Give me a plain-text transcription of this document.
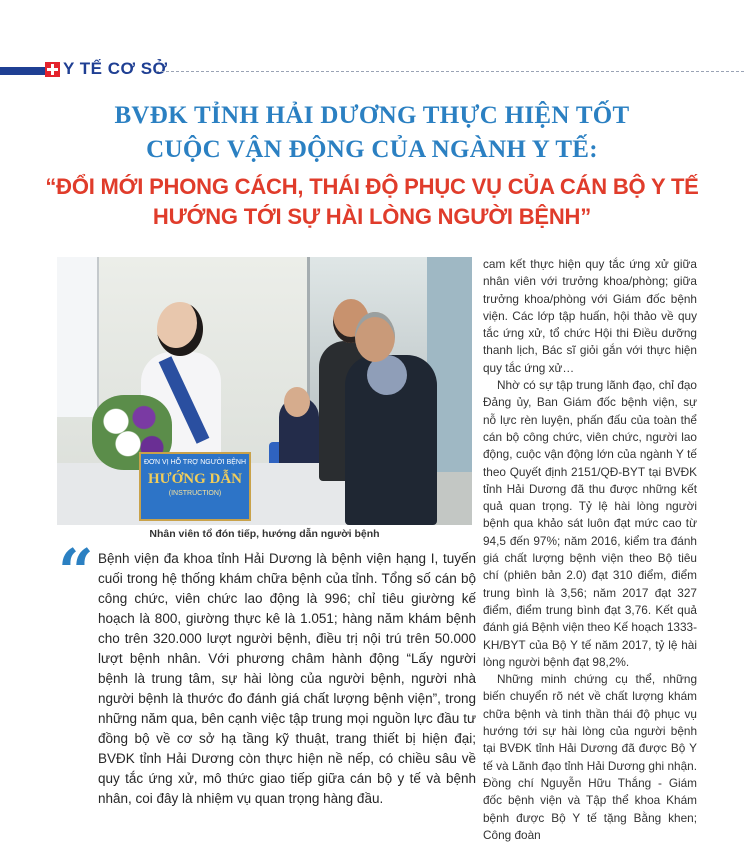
Y TẾ CƠ SỞ
BVĐK TỈNH HẢI DƯƠNG THỰC HIỆN TỐT
CUỘC VẬN ĐỘNG CỦA NGÀNH Y TẾ:
“ĐỔI MỚI PHONG CÁCH, THÁI ĐỘ PHỤC VỤ CỦA CÁN BỘ Y TẾ
HƯỚNG TỚI SỰ HÀI LÒNG NGƯỜI BỆNH”
ĐƠN VỊ HỖ TRỢ NGƯỜI BỆNH
HƯỚNG DẪN
(INSTRUCTION)
Nhân viên tổ đón tiếp, hướng dẫn người bệnh
“ Bệnh viện đa khoa tỉnh Hải Dương là bệnh viện hạng I, tuyến cuối trong hệ thống khám chữa bệnh của tỉnh. Tổng số cán bộ công chức, viên chức lao động là 996; chỉ tiêu giường kế hoạch là 800, giường thực kê là 1.051; hàng năm khám bệnh cho trên 320.000 lượt người bệnh, điều trị nội trú trên 50.000 lượt bệnh nhân. Với phương châm hành động “Lấy người bệnh là trung tâm, sự hài lòng của người bệnh, người nhà người bệnh là thước đo đánh giá chất lượng bệnh viện”, trong những năm qua, bên cạnh việc tập trung mọi nguồn lực đầu tư đồng bộ về cơ sở hạ tầng kỹ thuật, trang thiết bị hiện đại; BVĐK tỉnh Hải Dương còn thực hiện nề nếp, có chiều sâu về quy tắc ứng xử, mô thức giao tiếp giữa cán bộ y tế và bệnh nhân, coi đây là nhiệm vụ quan trọng hàng đầu.

cam kết thực hiện quy tắc ứng xử giữa nhân viên với trưởng khoa/phòng; giữa trưởng khoa/phòng với Giám đốc bệnh viện. Các lớp tập huấn, hội thảo về quy tắc ứng xử, tổ chức Hội thi Điều dưỡng thanh lịch, Bác sĩ giỏi gắn với thực hiện quy tắc ứng xử…

Nhờ có sự tập trung lãnh đạo, chỉ đạo Đảng ủy, Ban Giám đốc bệnh viện, sự nỗ lực rèn luyện, phấn đấu của toàn thể cán bộ công chức, viên chức, người lao động, cuộc vận động lớn của ngành Y tế theo Quyết định 2151/QĐ-BYT tại BVĐK tỉnh Hải Dương đã thu được những kết quả quan trọng. Tỷ lệ hài lòng người bệnh qua khảo sát luôn đạt mức cao từ 94,5 đến 97%; năm 2016, kiểm tra đánh giá chất lượng bệnh viện theo Bộ tiêu chí (phiên bản 2.0) đạt 310 điểm, điểm trung bình là 3,56; năm 2017 đạt 327 điểm, điểm trung bình đạt 3,76. Kết quả đánh giá Bệnh viện theo Kế hoạch 1333-KH/BYT của Bộ Y tế năm 2017, tỷ lệ hài lòng người bệnh đạt 98,2%.

Những minh chứng cụ thể, những biến chuyển rõ nét về chất lượng khám chữa bệnh và tinh thần thái độ phục vụ hướng tới sự hài lòng của người bệnh tại BVĐK tỉnh Hải Dương đã được Bộ Y tế và Lãnh đạo tỉnh Hải Dương ghi nhận. Đồng chí Nguyễn Hữu Thắng - Giám đốc bệnh viện và Tập thể khoa Khám bệnh được Bộ Y tế tặng Bằng khen; Công đoàn
